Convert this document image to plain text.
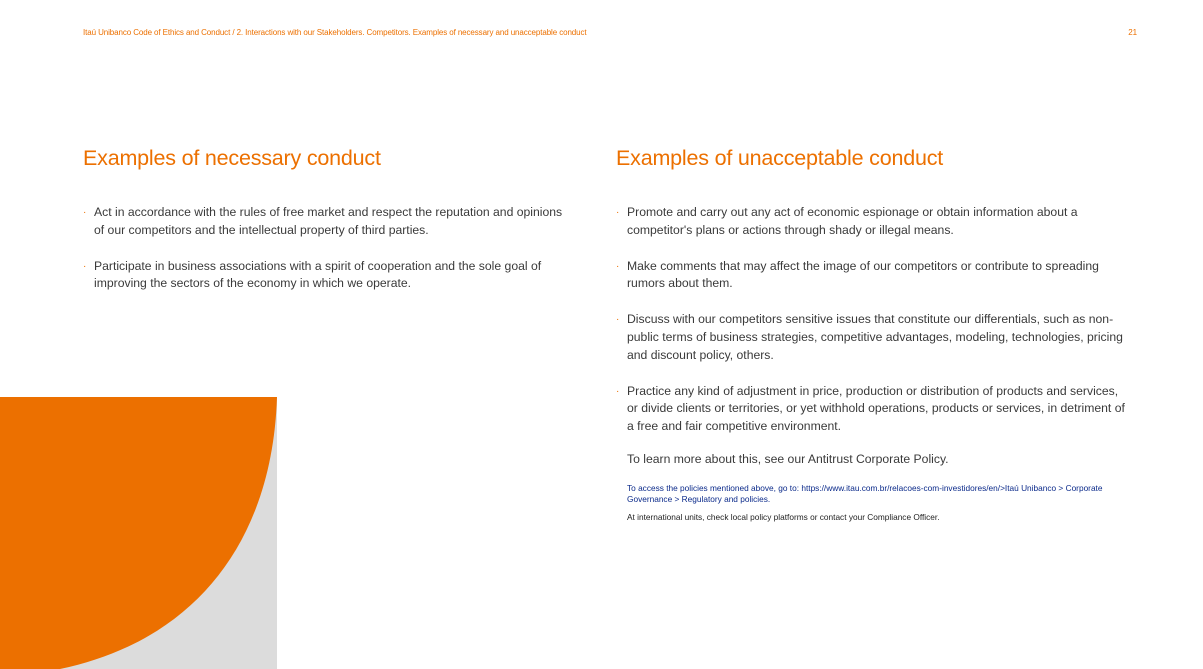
Itaú Unibanco Code of Ethics and Conduct / 2. Interactions with our Stakeholders. Competitors. Examples of necessary and unacceptable conduct	21
Examples of necessary conduct
· Act in accordance with the rules of free market and respect the reputation and opinions of our competitors and the intellectual property of third parties.
· Participate in business associations with a spirit of cooperation and the sole goal of improving the sectors of the economy in which we operate.
Examples of unacceptable conduct
· Promote and carry out any act of economic espionage or obtain information about a competitor's plans or actions through shady or illegal means.
· Make comments that may affect the image of our competitors or contribute to spreading rumors about them.
· Discuss with our competitors sensitive issues that constitute our differentials, such as non-public terms of business strategies, competitive advantages, modeling, technologies, pricing and discount policy, others.
· Practice any kind of adjustment in price, production or distribution of products and services, or divide clients or territories, or yet withhold operations, products or services, in detriment of a free and fair competitive environment.
To learn more about this, see our Antitrust Corporate Policy.
To access the policies mentioned above, go to: https://www.itau.com.br/relacoes-com-investidores/en/>Itaú Unibanco > Corporate Governance > Regulatory and policies.
At international units, check local policy platforms or contact your Compliance Officer.
